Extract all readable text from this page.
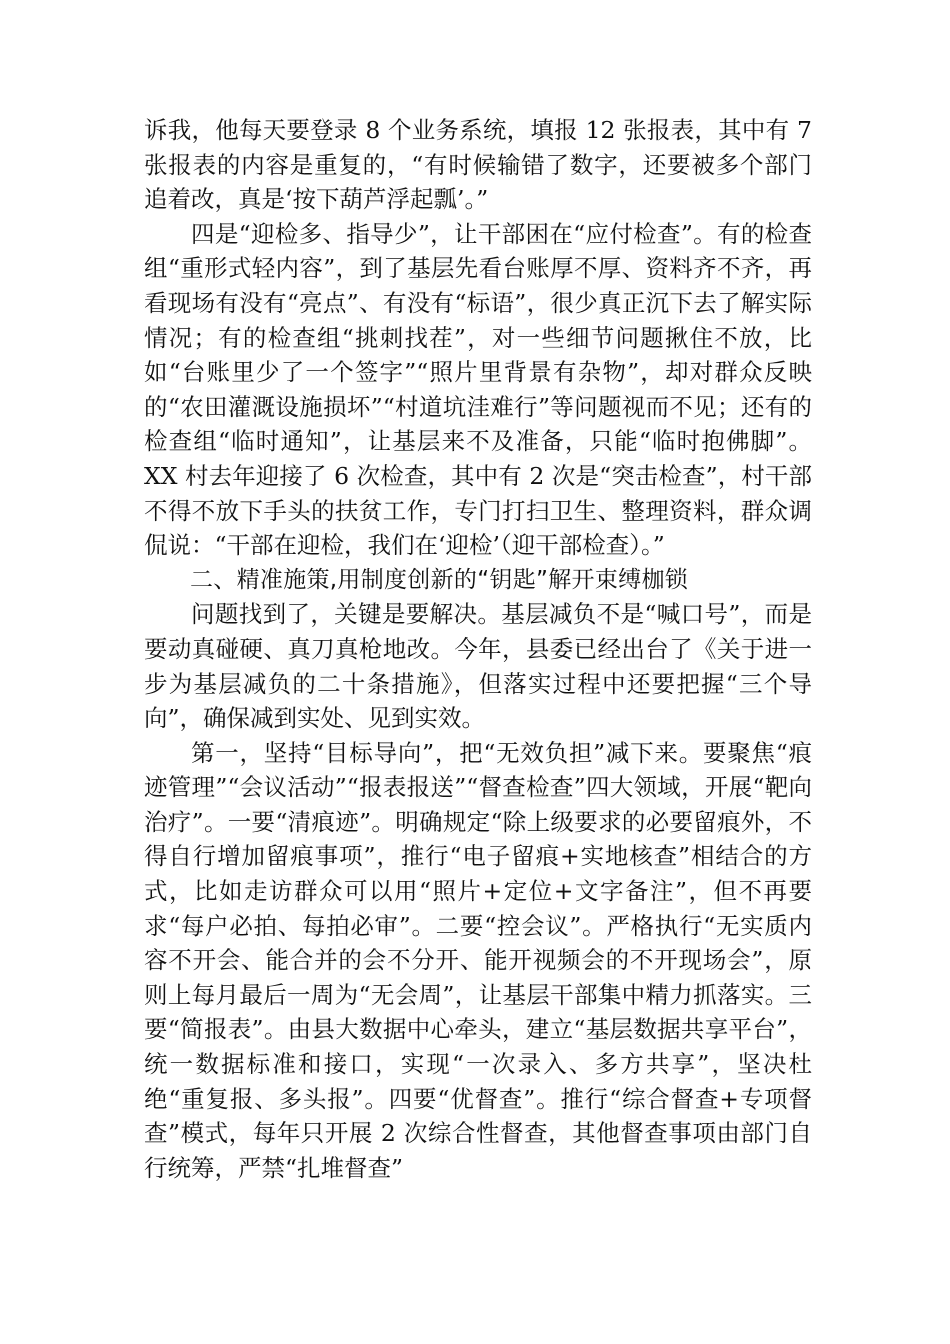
诉我，他每天要登录 8 个业务系统，填报 12 张报表，其中有 7 张报表的内容是重复的，“有时候输错了数字，还要被多个部门追着改，真是‘按下葫芦浮起瓢’。”

四是“迎检多、指导少”，让干部困在“应付检查”。有的检查组“重形式轻内容”，到了基层先看台账厚不厚、资料齐不齐，再看现场有没有“亮点”、有没有“标语”，很少真正沉下去了解实际情况；有的检查组“挑刺找茬”，对一些细节问题揪住不放，比如“台账里少了一个签字”“照片里背景有杂物”，却对群众反映的“农田灌溉设施损坏”“村道坑洼难行”等问题视而不见；还有的检查组“临时通知”，让基层来不及准备，只能“临时抱佛脚”。XX 村去年迎接了 6 次检查，其中有 2 次是“突击检查”，村干部不得不放下手头的扶贫工作，专门打扫卫生、整理资料，群众调侃说：“干部在迎检，我们在‘迎检’（迎干部检查）。”

二、精准施策,用制度创新的“钥匙”解开束缚枷锁

问题找到了，关键是要解决。基层减负不是“喊口号”，而是要动真碰硬、真刀真枪地改。今年，县委已经出台了《关于进一步为基层减负的二十条措施》，但落实过程中还要把握“三个导向”，确保减到实处、见到实效。

第一，坚持“目标导向”，把“无效负担”减下来。要聚焦“痕迹管理”“会议活动”“报表报送”“督查检查”四大领域，开展“靶向治疗”。一要“清痕迹”。明确规定“除上级要求的必要留痕外，不得自行增加留痕事项”，推行“电子留痕+实地核查”相结合的方式，比如走访群众可以用“照片+定位+文字备注”，但不再要求“每户必拍、每拍必审”。二要“控会议”。严格执行“无实质内容不开会、能合并的会不分开、能开视频会的不开现场会”，原则上每月最后一周为“无会周”，让基层干部集中精力抓落实。三要“简报表”。由县大数据中心牵头，建立“基层数据共享平台”，统一数据标准和接口，实现“一次录入、多方共享”，坚决杜绝“重复报、多头报”。四要“优督查”。推行“综合督查+专项督查”模式，每年只开展 2 次综合性督查，其他督查事项由部门自行统筹，严禁“扎堆督查”
